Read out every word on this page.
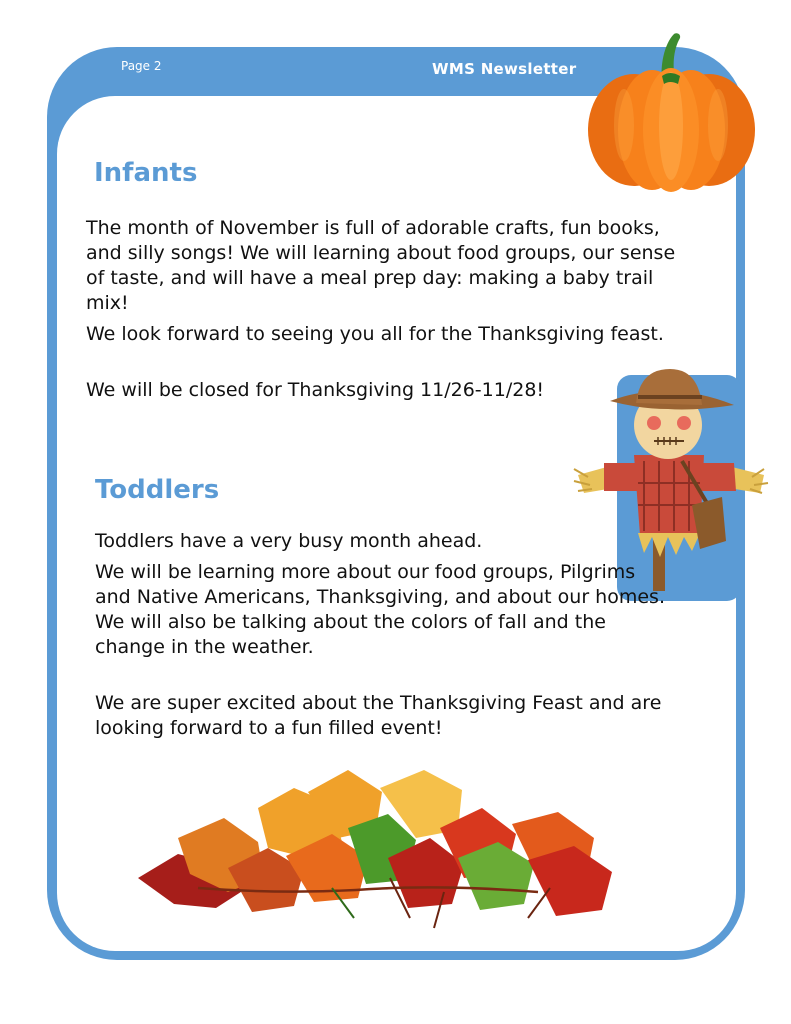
Page 2	WMS Newsletter
Infants

The month of November is full of adorable crafts, fun books, and silly songs! We will learning about food groups, our sense of taste, and will have a meal prep day: making a baby trail mix!

We look forward to seeing you all for the Thanksgiving feast.

We will be closed for Thanksgiving 11/26-11/28!

Toddlers

Toddlers have a very busy month ahead.

We will be learning more about our food groups, Pilgrims and Native Americans, Thanksgiving, and about our homes. We will also be talking about the colors of fall and the change in the weather.

We are super excited about the Thanksgiving Feast and are looking forward to a fun filled event!
